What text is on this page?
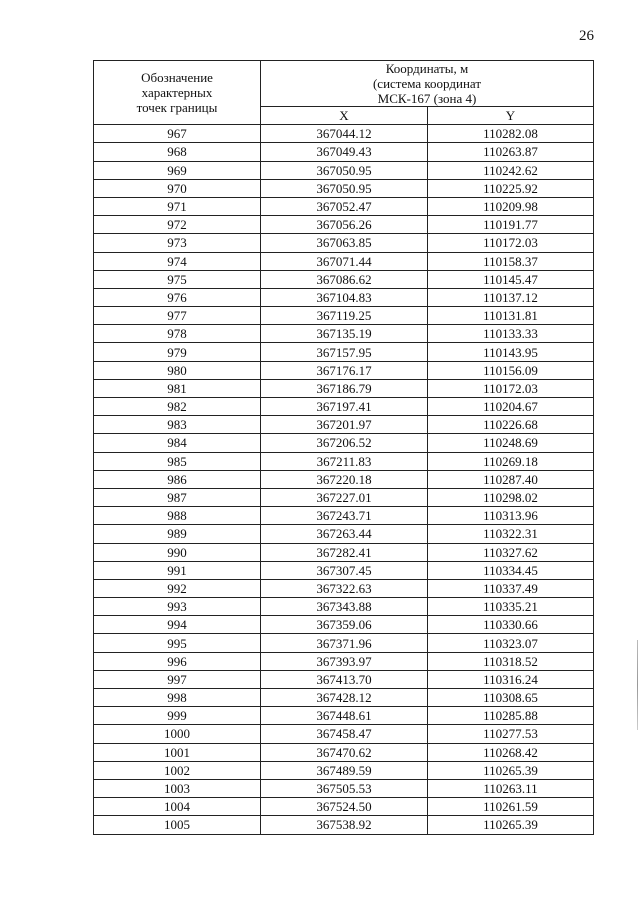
26
Обозначение
характерных
точек границы	Координаты, м
(система координат
МСК-167 (зона 4)	

	X	Y
967	367044.12	110282.08
968	367049.43	110263.87
969	367050.95	110242.62
970	367050.95	110225.92
971	367052.47	110209.98
972	367056.26	110191.77
973	367063.85	110172.03
974	367071.44	110158.37
975	367086.62	110145.47
976	367104.83	110137.12
977	367119.25	110131.81
978	367135.19	110133.33
979	367157.95	110143.95
980	367176.17	110156.09
981	367186.79	110172.03
982	367197.41	110204.67
983	367201.97	110226.68
984	367206.52	110248.69
985	367211.83	110269.18
986	367220.18	110287.40
987	367227.01	110298.02
988	367243.71	110313.96
989	367263.44	110322.31
990	367282.41	110327.62
991	367307.45	110334.45
992	367322.63	110337.49
993	367343.88	110335.21
994	367359.06	110330.66
995	367371.96	110323.07
996	367393.97	110318.52
997	367413.70	110316.24
998	367428.12	110308.65
999	367448.61	110285.88
1000	367458.47	110277.53
1001	367470.62	110268.42
1002	367489.59	110265.39
1003	367505.53	110263.11
1004	367524.50	110261.59
1005	367538.92	110265.39
